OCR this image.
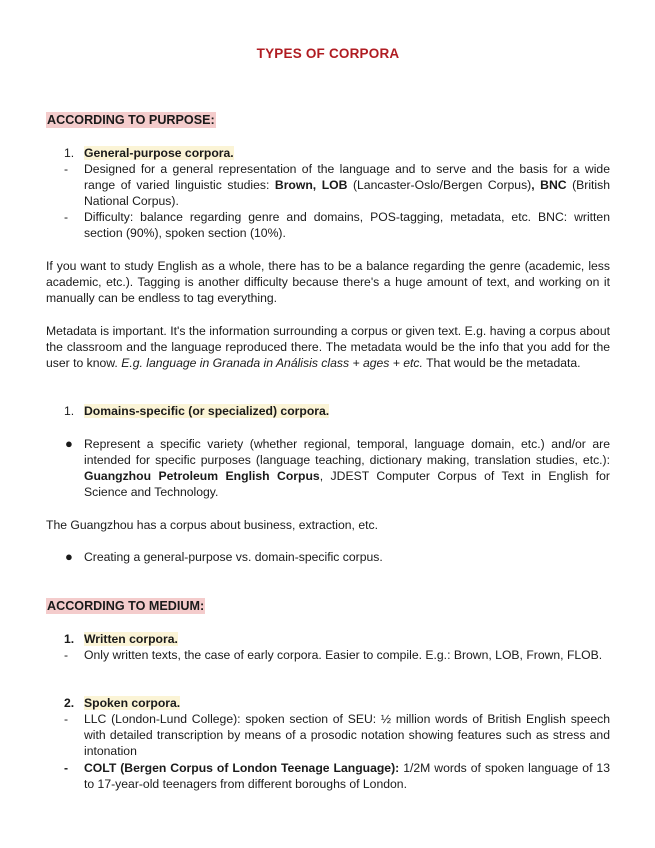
TYPES OF CORPORA
ACCORDING TO PURPOSE:
1. General-purpose corpora.
-	Designed for a general representation of the language and to serve and the basis for a wide range of varied linguistic studies: Brown, LOB (Lancaster-Oslo/Bergen Corpus), BNC (British National Corpus).
-	Difficulty: balance regarding genre and domains, POS-tagging, metadata, etc. BNC: written section (90%), spoken section (10%).
If you want to study English as a whole, there has to be a balance regarding the genre (academic, less academic, etc.). Tagging is another difficulty because there's a huge amount of text, and working on it manually can be endless to tag everything.
Metadata is important. It's the information surrounding a corpus or given text. E.g. having a corpus about the classroom and the language reproduced there. The metadata would be the info that you add for the user to know. E.g. language in Granada in Análisis class + ages + etc. That would be the metadata.
1. Domains-specific (or specialized) corpora.
● Represent a specific variety (whether regional, temporal, language domain, etc.) and/or are intended for specific purposes (language teaching, dictionary making, translation studies, etc.): Guangzhou Petroleum English Corpus, JDEST Computer Corpus of Text in English for Science and Technology.
The Guangzhou has a corpus about business, extraction, etc.
● Creating a general-purpose vs. domain-specific corpus.
ACCORDING TO MEDIUM:
1. Written corpora.
-	Only written texts, the case of early corpora. Easier to compile. E.g.: Brown, LOB, Frown, FLOB.
2. Spoken corpora.
-	LLC (London-Lund College): spoken section of SEU: ½ million words of British English speech with detailed transcription by means of a prosodic notation showing features such as stress and intonation
-	COLT (Bergen Corpus of London Teenage Language): 1/2M words of spoken language of 13 to 17-year-old teenagers from different boroughs of London.
